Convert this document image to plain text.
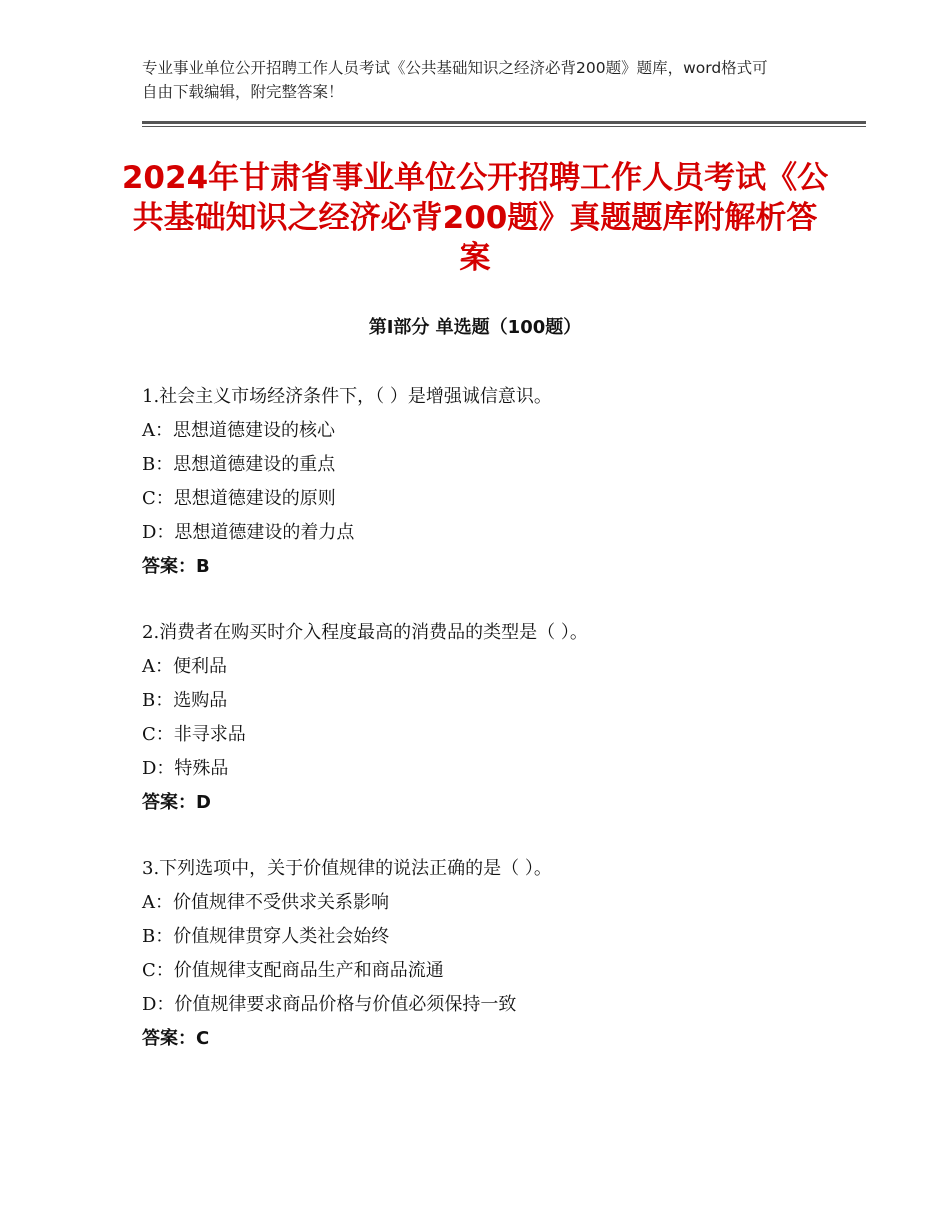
专业事业单位公开招聘工作人员考试《公共基础知识之经济必背200题》题库，word格式可自由下载编辑，附完整答案！
2024年甘肃省事业单位公开招聘工作人员考试《公共基础知识之经济必背200题》真题题库附解析答案
第Ⅰ部分 单选题（100题）
1.社会主义市场经济条件下，（ ）是增强诚信意识。
A：思想道德建设的核心
B：思想道德建设的重点
C：思想道德建设的原则
D：思想道德建设的着力点
答案：B
2.消费者在购买时介入程度最高的消费品的类型是（ ）。
A：便利品
B：选购品
C：非寻求品
D：特殊品
答案：D
3.下列选项中，关于价值规律的说法正确的是（ ）。
A：价值规律不受供求关系影响
B：价值规律贯穿人类社会始终
C：价值规律支配商品生产和商品流通
D：价值规律要求商品价格与价值必须保持一致
答案：C
